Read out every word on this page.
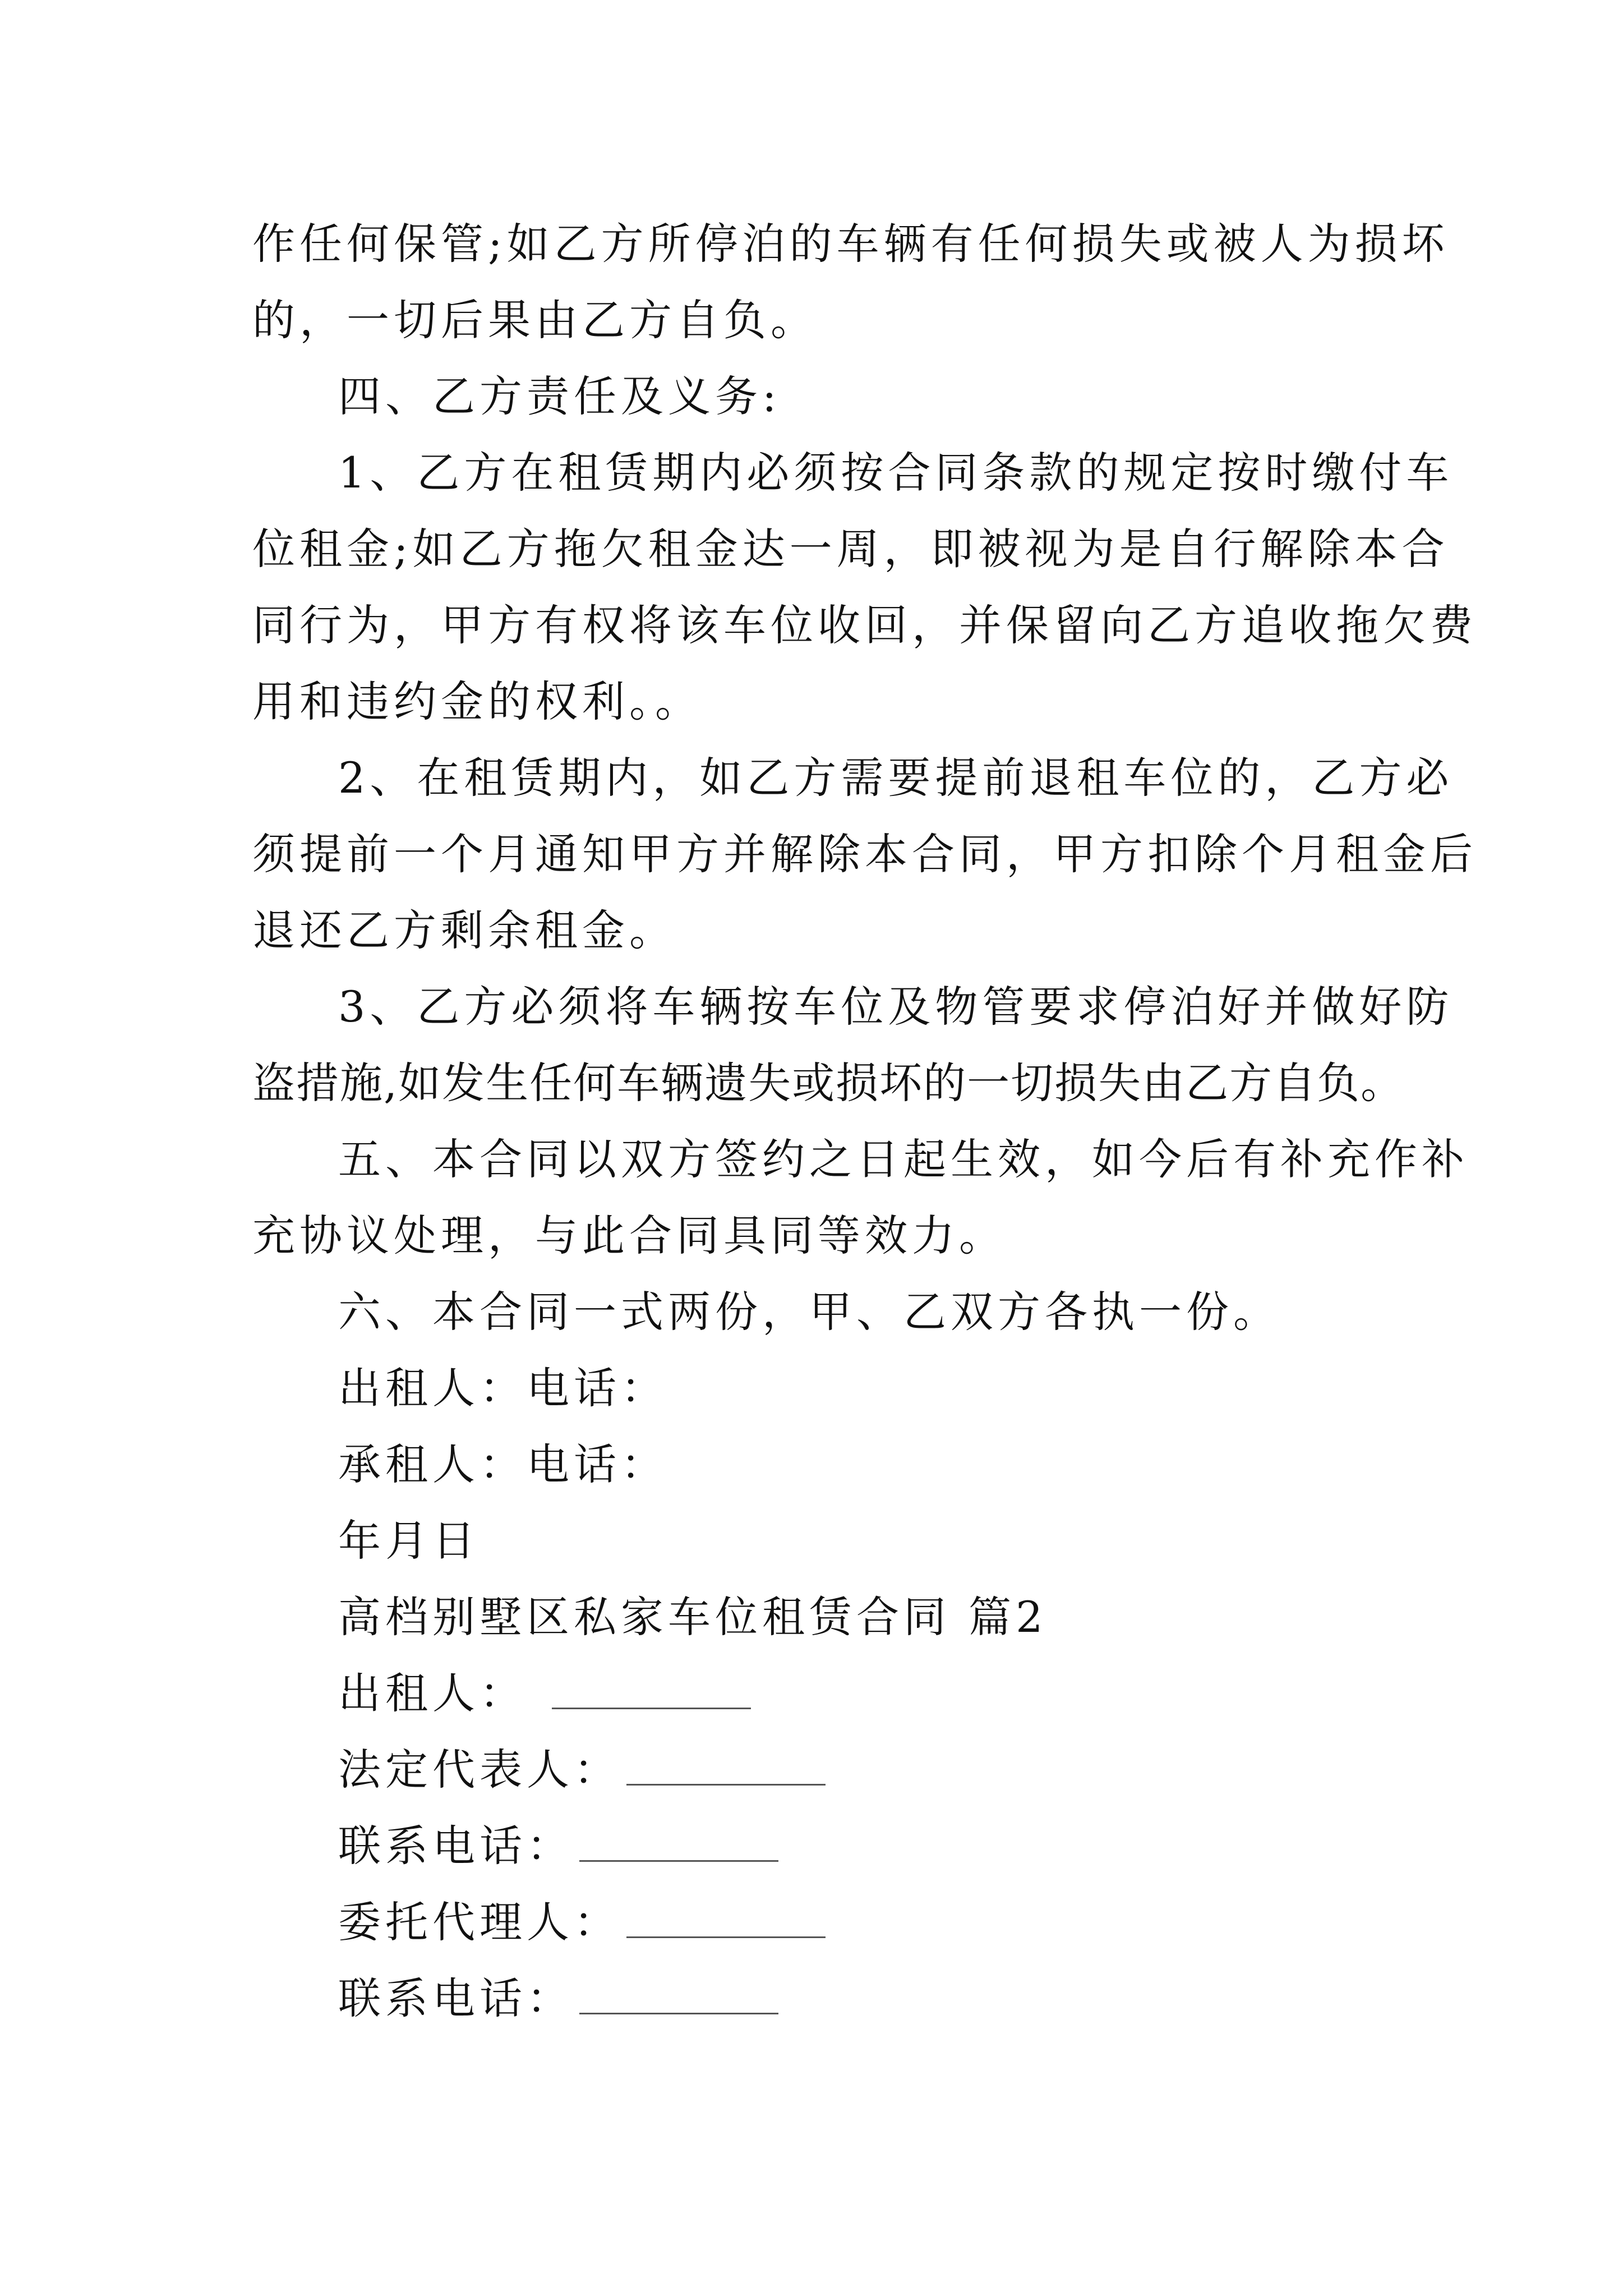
作任何保管;如乙方所停泊的车辆有任何损失或被人为损坏
的，一切后果由乙方自负。
四、乙方责任及义务:
1、乙方在租赁期内必须按合同条款的规定按时缴付车
位租金;如乙方拖欠租金达一周，即被视为是自行解除本合
同行为，甲方有权将该车位收回，并保留向乙方追收拖欠费
用和违约金的权利。。
2、在租赁期内，如乙方需要提前退租车位的，乙方必
须提前一个月通知甲方并解除本合同，甲方扣除个月租金后
退还乙方剩余租金。
3、乙方必须将车辆按车位及物管要求停泊好并做好防
盗措施,如发生任何车辆遗失或损坏的一切损失由乙方自负。
五、本合同以双方签约之日起生效，如今后有补充作补
充协议处理，与此合同具同等效力。
六、本合同一式两份，甲、乙双方各执一份。
出租人：电话：
承租人：电话：
年月日
高档别墅区私家车位租赁合同 篇2
出租人：
法定代表人：
联系电话：
委托代理人：
联系电话：
